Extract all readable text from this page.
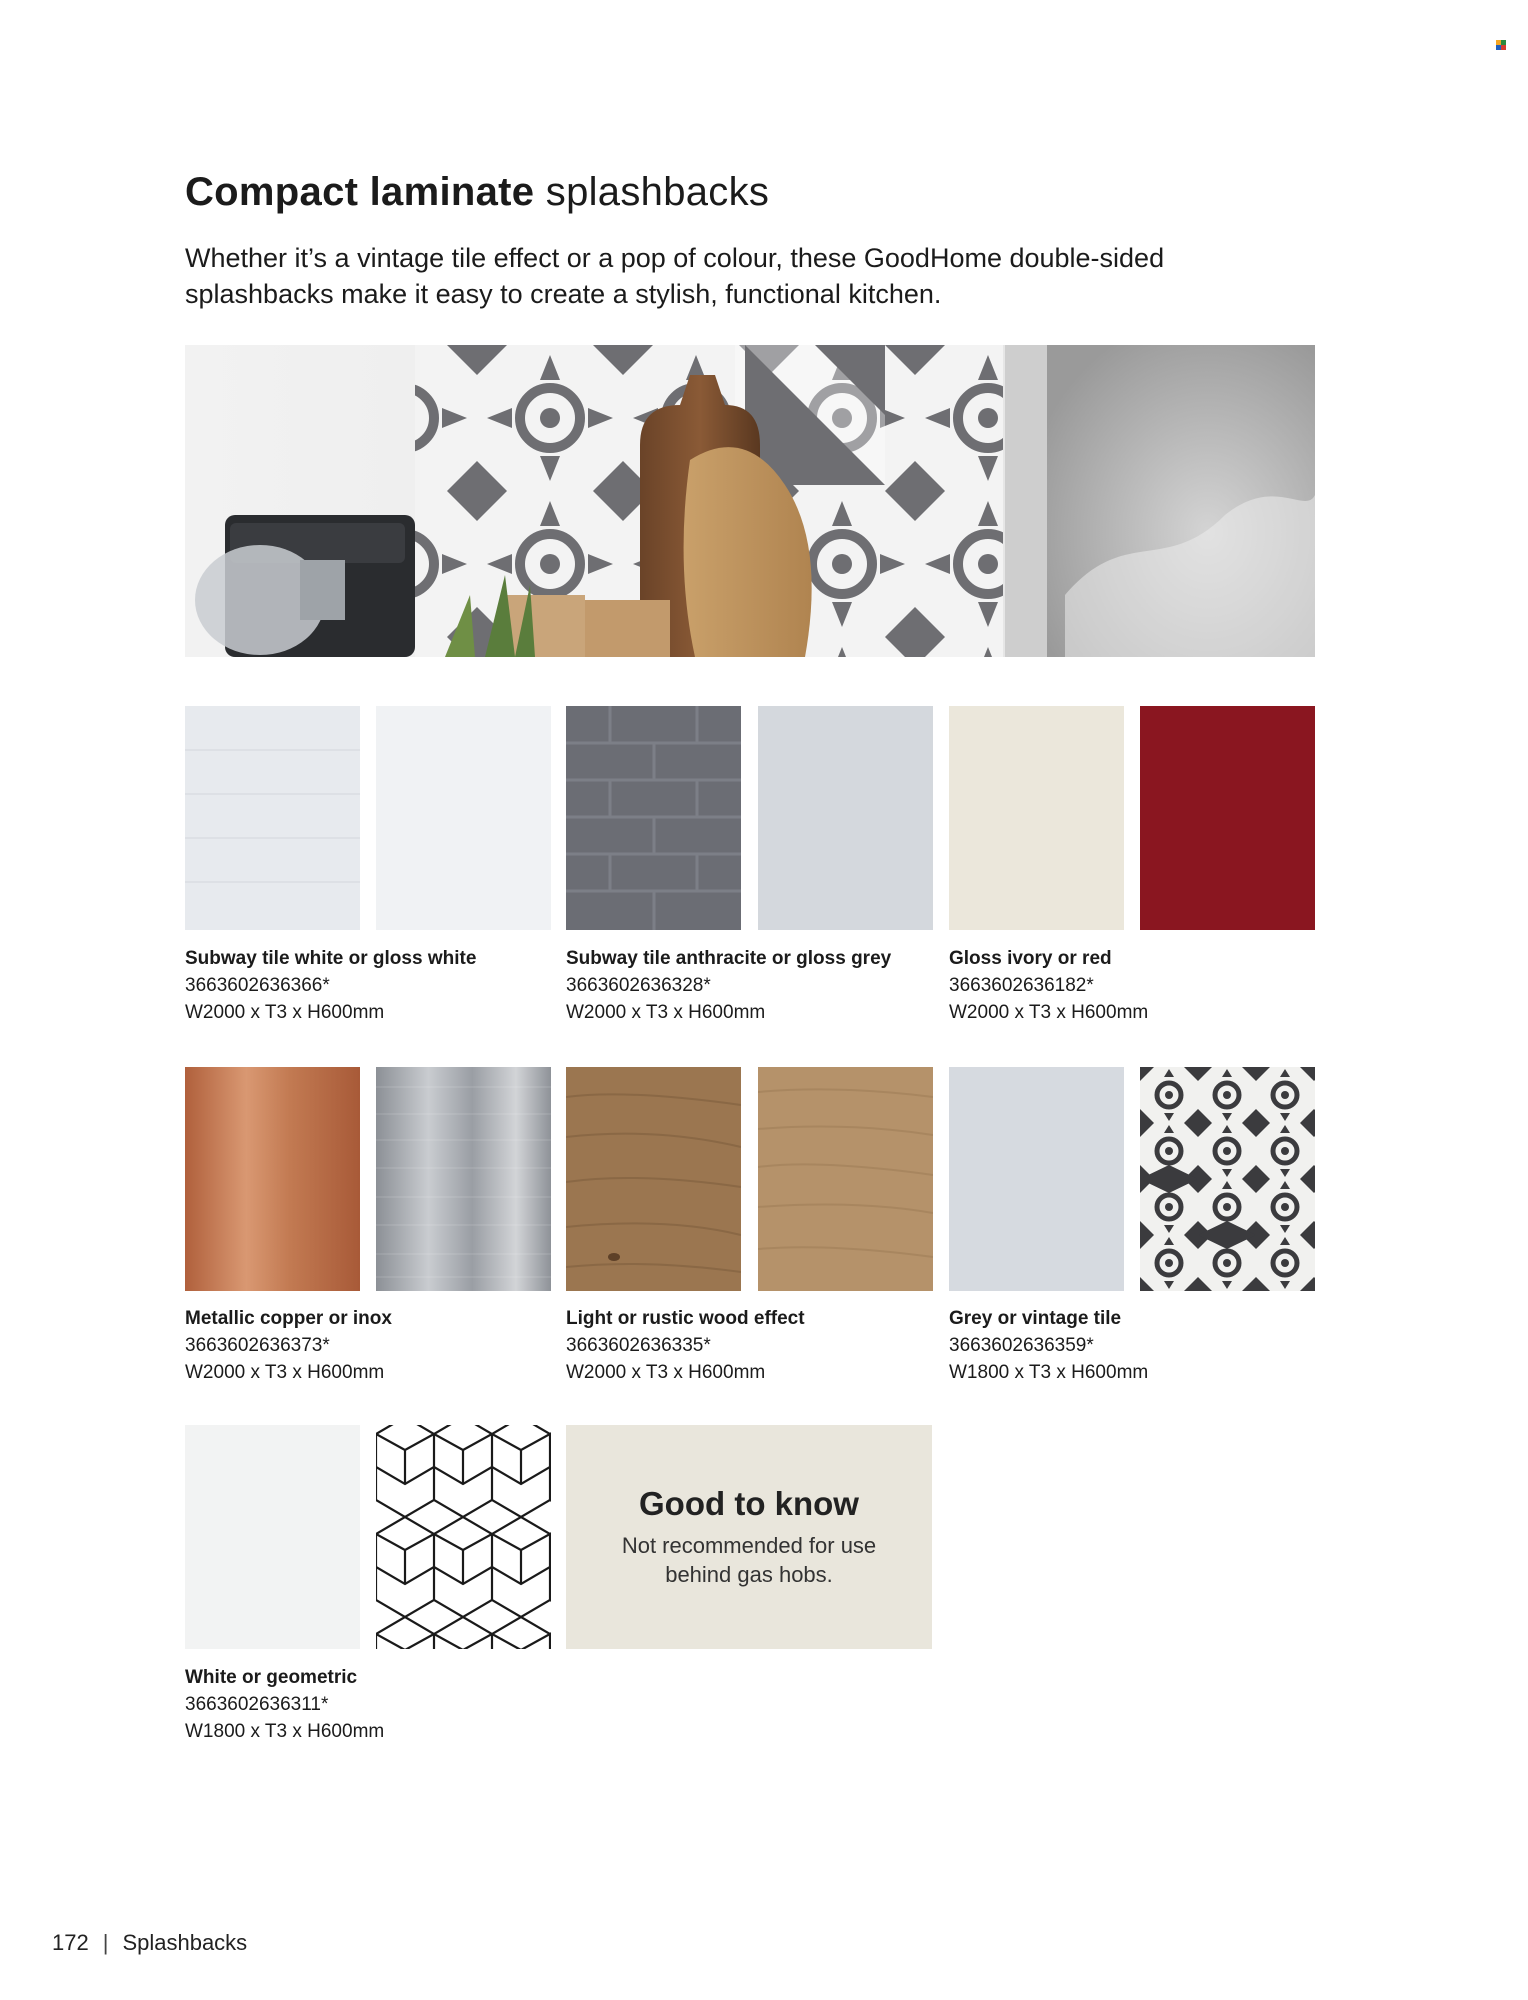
Compact laminate splashbacks

Whether it’s a vintage tile effect or a pop of colour, these GoodHome double-sided splashbacks make it easy to create a stylish, functional kitchen.

Subway tile white or gloss white
3663602636366*
W2000 x T3 x H600mm
Subway tile anthracite or gloss grey
3663602636328*
W2000 x T3 x H600mm
Gloss ivory or red
3663602636182*
W2000 x T3 x H600mm
Metallic copper or inox
3663602636373*
W2000 x T3 x H600mm
Light or rustic wood effect
3663602636335*
W2000 x T3 x H600mm
Grey or vintage tile
3663602636359*
W1800 x T3 x H600mm
Good to know
Not recommended for use behind gas hobs.
White or geometric
3663602636311*
W1800 x T3 x H600mm
172 | Splashbacks
